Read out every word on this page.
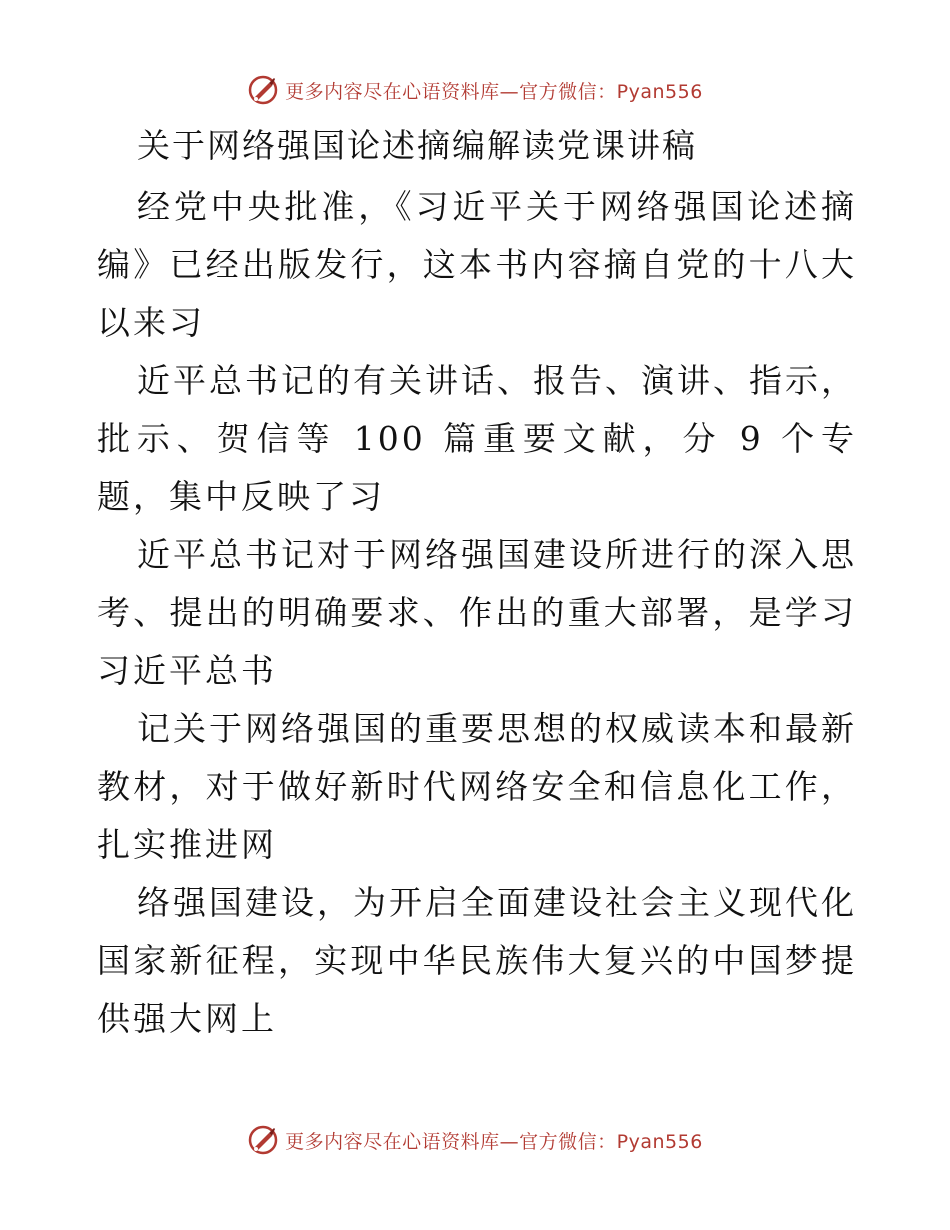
更多内容尽在心语资料库—官方微信：Pyan556
关于网络强国论述摘编解读党课讲稿

经党中央批准，《习近平关于网络强国论述摘编》已经出版发行，这本书内容摘自党的十八大以来习

近平总书记的有关讲话、报告、演讲、指示，批示、贺信等 100 篇重要文献，分 9 个专题，集中反映了习

近平总书记对于网络强国建设所进行的深入思考、提出的明确要求、作出的重大部署，是学习习近平总书

记关于网络强国的重要思想的权威读本和最新教材，对于做好新时代网络安全和信息化工作，扎实推进网

络强国建设，为开启全面建设社会主义现代化国家新征程，实现中华民族伟大复兴的中国梦提供强大网上

更多内容尽在心语资料库—官方微信：Pyan556
